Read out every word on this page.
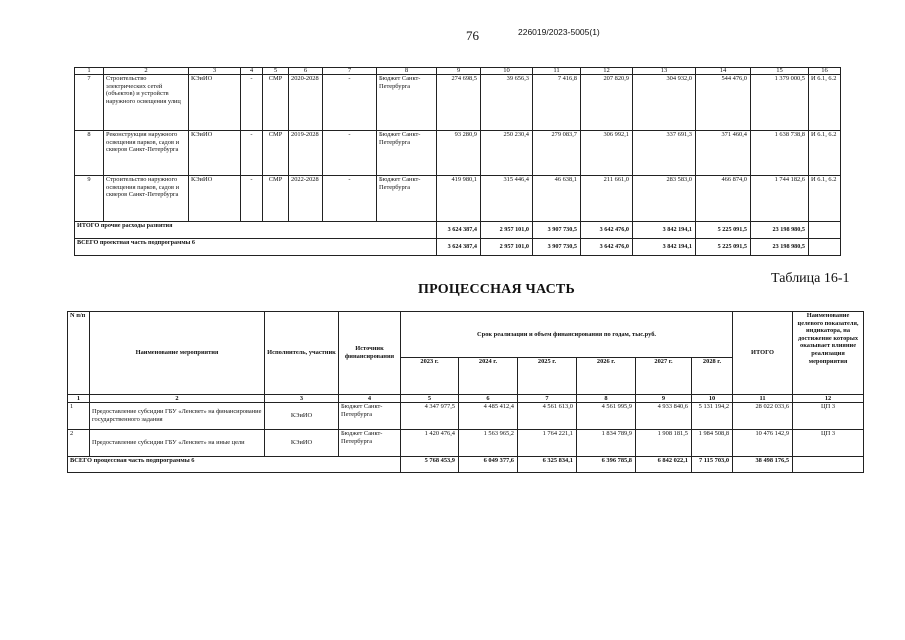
76	226019/2023-5005(1)
1	2	3	4	5	6	7	8	9	10	11	12	13	14	15	16
7	Строительство электрических сетей (объектов) и устройств наружного освещения улиц	КЭиИО	-	СМР	2020-2028	-	Бюджет Санкт-Петербурга	274 698,5	39 656,3	7 416,8	207 820,9	304 932,0	544 476,0	1 379 000,5	И 6.1, 6.2
8	Реконструкция наружного освещения парков, садов и скверов Санкт-Петербурга	КЭиИО	-	СМР	2019-2028	-	Бюджет Санкт-Петербурга	93 280,9	250 230,4	279 083,7	306 992,1	337 691,3	371 460,4	1 638 738,8	И 6.1, 6.2
9	Строительство наружного освещения парков, садов и скверов Санкт-Петербурга	КЭиИО	-	СМР	2022-2028	-	Бюджет Санкт-Петербурга	419 980,1	315 446,4	46 638,1	211 661,0	283 583,0	466 874,0	1 744 182,6	И 6.1, 6.2
ИТОГО прочие расходы развития								3 624 387,4	2 957 101,0	3 907 730,5	3 642 476,0	3 842 194,1	5 225 091,5	23 198 980,5	
ВСЕГО проектная часть подпрограммы 6								3 624 387,4	2 957 101,0	3 907 730,5	3 642 476,0	3 842 194,1	5 225 091,5	23 198 980,5	
Таблица 16-1
ПРОЦЕССНАЯ ЧАСТЬ
N п/п	Наименование мероприятия	Исполнитель, участник	Источник финансирования	Срок реализации и объем финансирования по годам, тыс.руб.						ИТОГО	Наименование целевого показателя, индикатора, на достижение которых оказывает влияние реализация мероприятия
				2023 г.	2024 г.	2025 г.	2026 г.	2027 г.	2028 г.		
1	2	3	4	5	6	7	8	9	10	11	12
1	Предоставление субсидии ГБУ «Ленсвет» на финансирование государственного задания	КЭиИО	Бюджет Санкт-Петербурга	4 347 977,5	4 485 412,4	4 561 613,0	4 561 995,9	4 933 840,6	5 131 194,2	28 022 033,6	ЦП 3
2	Предоставление субсидии ГБУ «Ленсвет» на иные цели	КЭиИО	Бюджет Санкт-Петербурга	1 420 476,4	1 563 965,2	1 764 221,1	1 834 789,9	1 908 181,5	1 984 508,8	10 476 142,9	ЦП 3
ВСЕГО процессная часть подпрограммы 6				5 768 453,9	6 049 377,6	6 325 834,1	6 396 785,8	6 842 022,1	7 115 703,0	38 498 176,5	
